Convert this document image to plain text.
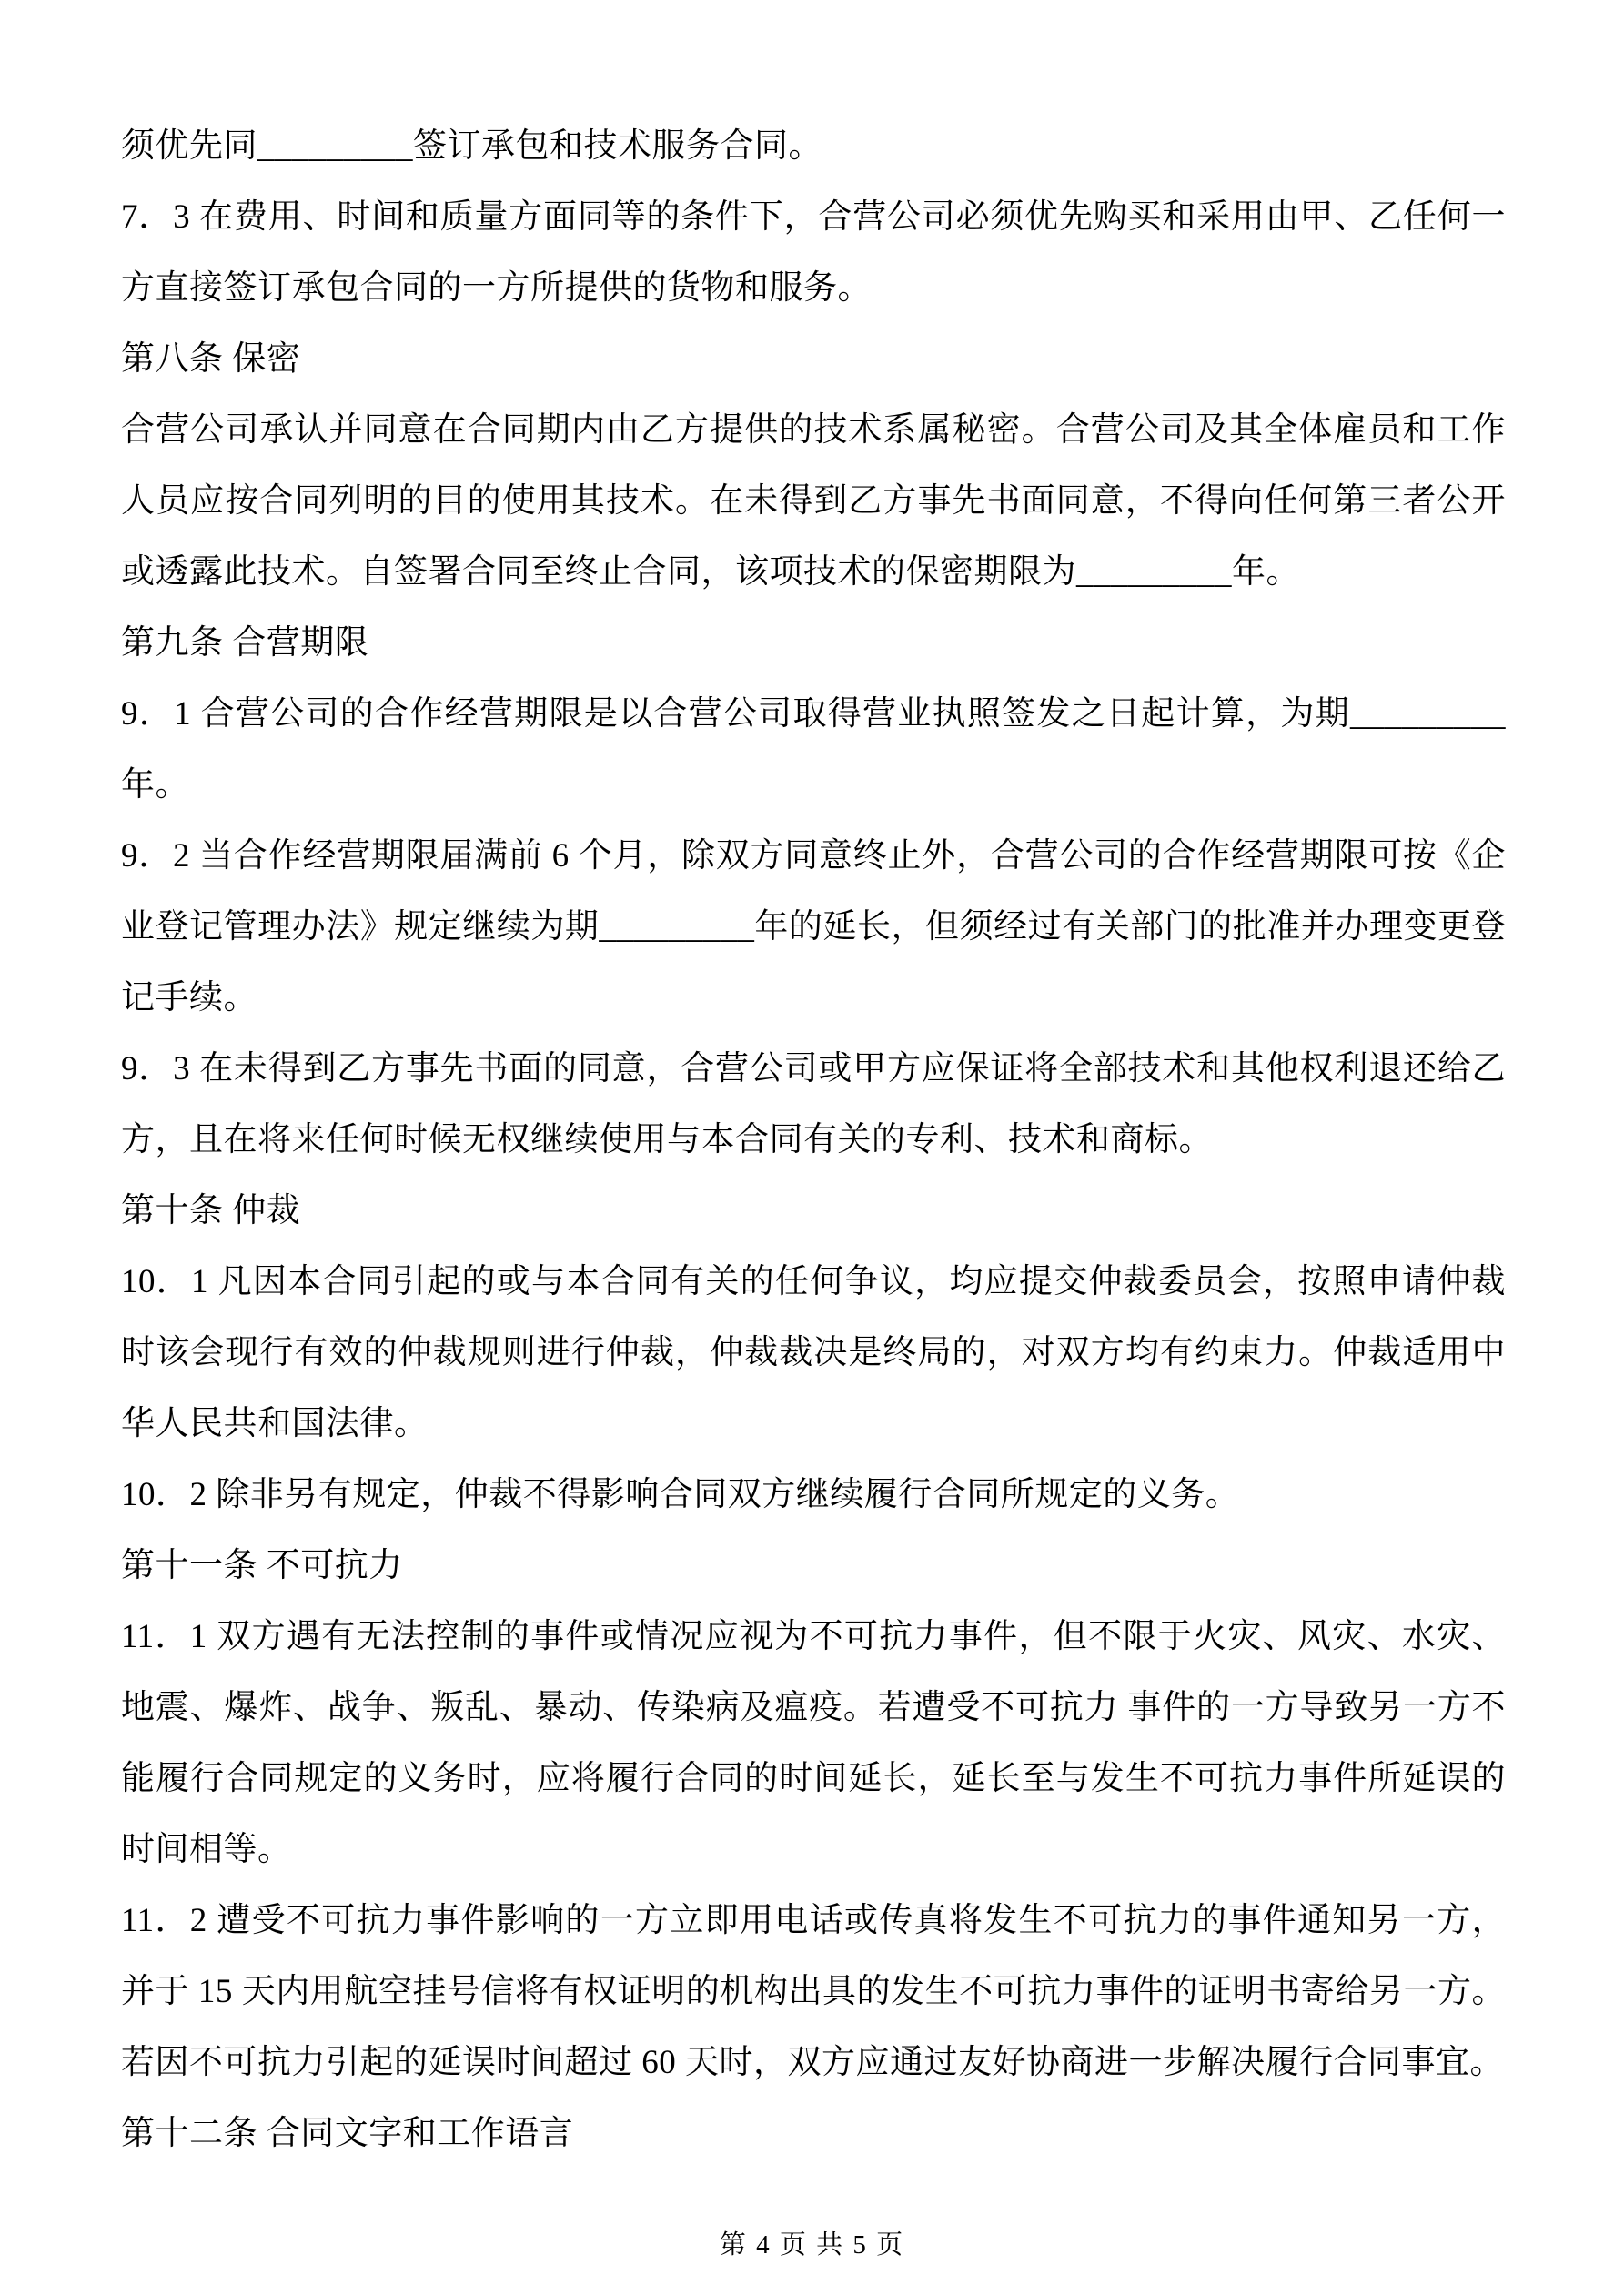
须优先同_________签订承包和技术服务合同。

7．3 在费用、时间和质量方面同等的条件下，合营公司必须优先购买和采用由甲、乙任何一方直接签订承包合同的一方所提供的货物和服务。

第八条 保密

合营公司承认并同意在合同期内由乙方提供的技术系属秘密。合营公司及其全体雇员和工作人员应按合同列明的目的使用其技术。在未得到乙方事先书面同意，不得向任何第三者公开或透露此技术。自签署合同至终止合同，该项技术的保密期限为_________年。

第九条 合营期限

9．1 合营公司的合作经营期限是以合营公司取得营业执照签发之日起计算，为期_________年。

9．2 当合作经营期限届满前 6 个月，除双方同意终止外，合营公司的合作经营期限可按《企业登记管理办法》规定继续为期_________年的延长，但须经过有关部门的批准并办理变更登记手续。

9．3 在未得到乙方事先书面的同意，合营公司或甲方应保证将全部技术和其他权利退还给乙方，且在将来任何时候无权继续使用与本合同有关的专利、技术和商标。

第十条 仲裁

10．1 凡因本合同引起的或与本合同有关的任何争议，均应提交仲裁委员会，按照申请仲裁时该会现行有效的仲裁规则进行仲裁，仲裁裁决是终局的，对双方均有约束力。仲裁适用中华人民共和国法律。

10．2 除非另有规定，仲裁不得影响合同双方继续履行合同所规定的义务。

第十一条 不可抗力

11．1 双方遇有无法控制的事件或情况应视为不可抗力事件，但不限于火灾、风灾、水灾、地震、爆炸、战争、叛乱、暴动、传染病及瘟疫。若遭受不可抗力 事件的一方导致另一方不能履行合同规定的义务时，应将履行合同的时间延长，延长至与发生不可抗力事件所延误的时间相等。

11．2 遭受不可抗力事件影响的一方立即用电话或传真将发生不可抗力的事件通知另一方，并于 15 天内用航空挂号信将有权证明的机构出具的发生不可抗力事件的证明书寄给另一方。若因不可抗力引起的延误时间超过 60 天时，双方应通过友好协商进一步解决履行合同事宜。

第十二条 合同文字和工作语言

第 4 页 共 5 页
